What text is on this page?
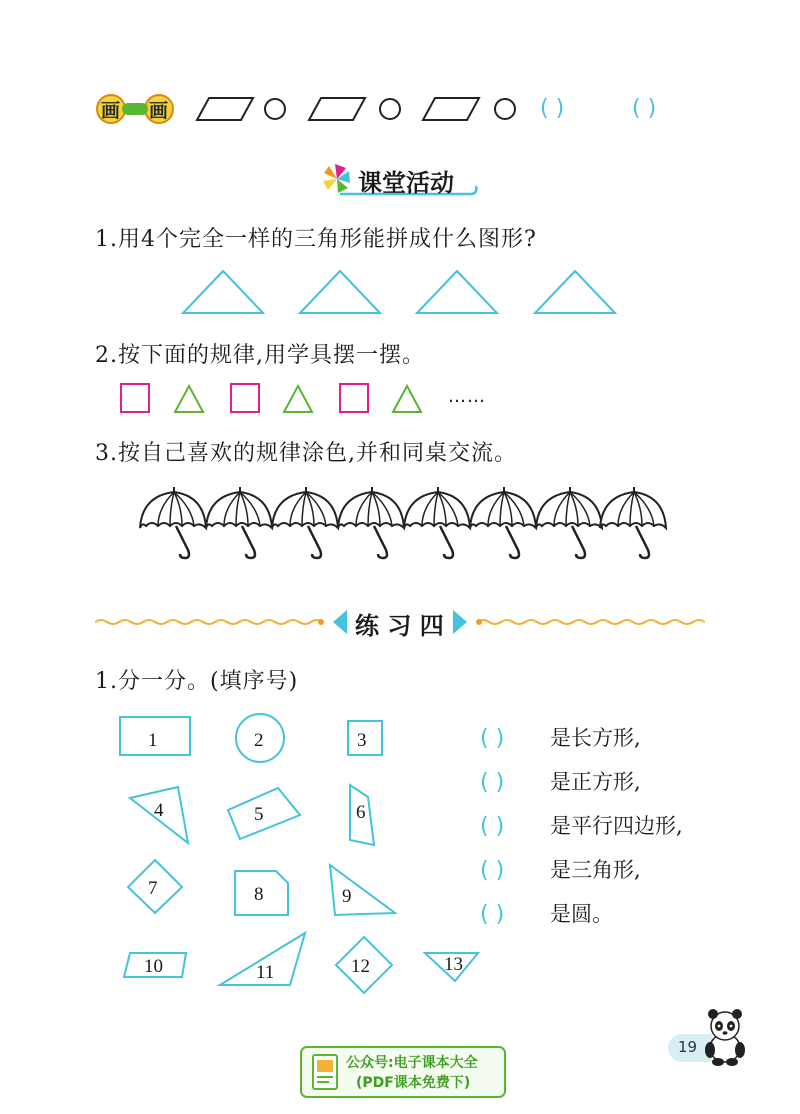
画 画	( )	( )
课堂活动
1.用4个完全一样的三角形能拼成什么图形?
2.按下面的规律,用学具摆一摆。
……
3.按自己喜欢的规律涂色,并和同桌交流。
练 习 四
1.分一分。(填序号)
1	2	3
4	5	6
7	8	9
10	11	12	13
( ) 是长方形,
( ) 是正方形,
( ) 是平行四边形,
( ) 是三角形,
( ) 是圆。
19
公众号:电子课本大全
(PDF课本免费下)
